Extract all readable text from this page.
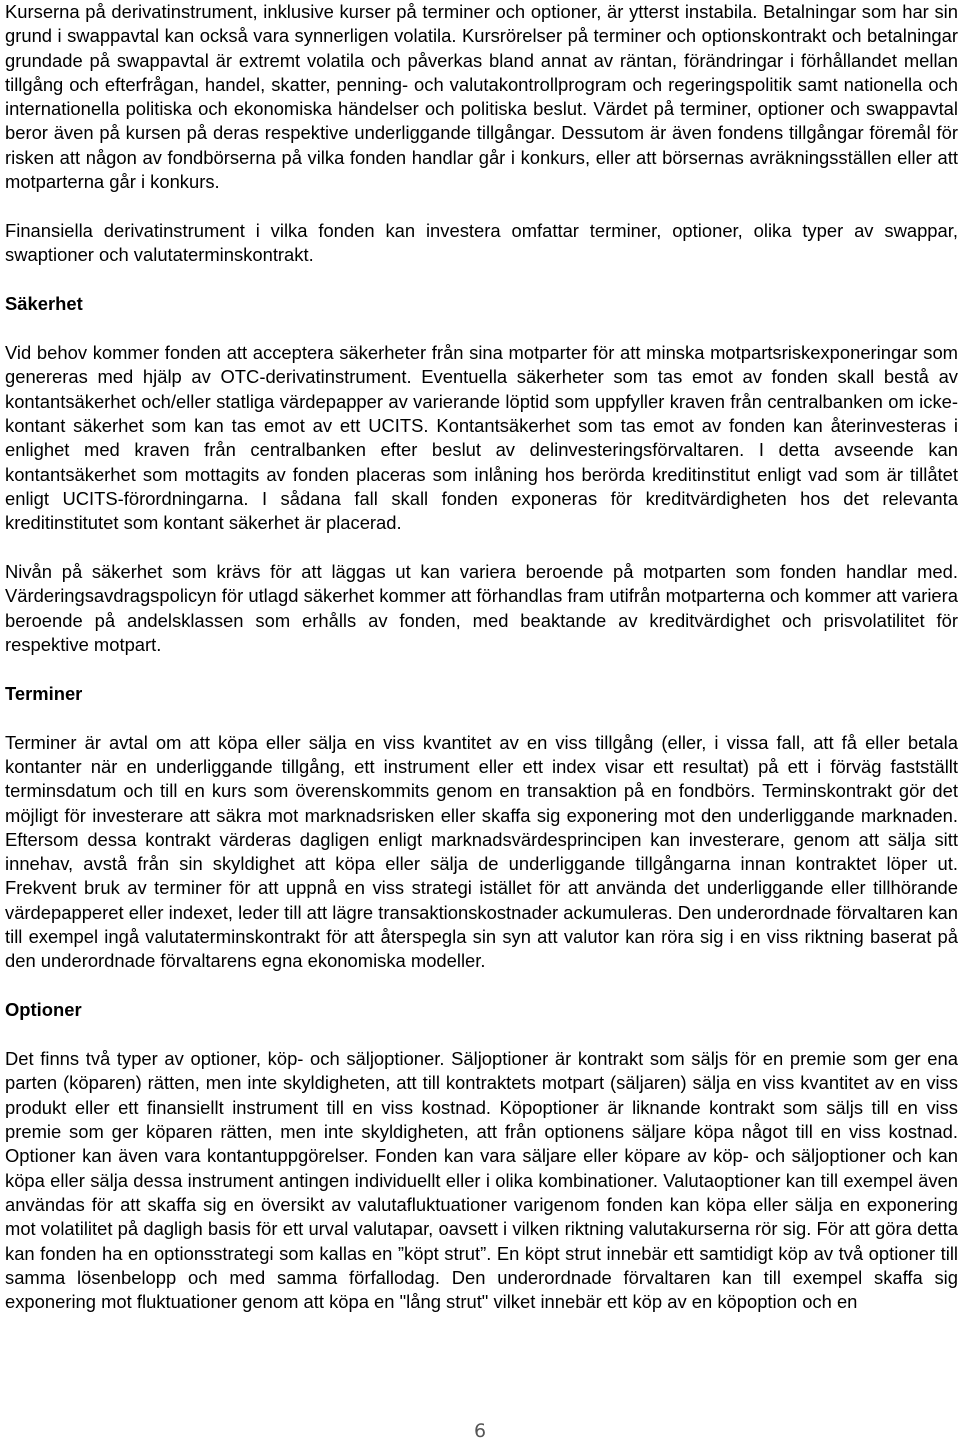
Kurserna på derivatinstrument, inklusive kurser på terminer och optioner, är ytterst instabila. Betalningar som har sin grund i swappavtal kan också vara synnerligen volatila. Kursrörelser på terminer och optionskontrakt och betalningar grundade på swappavtal är extremt volatila och påverkas bland annat av räntan, förändringar i förhållandet mellan tillgång och efterfrågan, handel, skatter, penning- och valutakontrollprogram och regeringspolitik samt nationella och internationella politiska och ekonomiska händelser och politiska beslut. Värdet på terminer, optioner och swappavtal beror även på kursen på deras respektive underliggande tillgångar. Dessutom är även fondens tillgångar föremål för risken att någon av fondbörserna på vilka fonden handlar går i konkurs, eller att börsernas avräkningsställen eller att motparterna går i konkurs.

Finansiella derivatinstrument i vilka fonden kan investera omfattar terminer, optioner, olika typer av swappar, swaptioner och valutaterminskontrakt.

Säkerhet

Vid behov kommer fonden att acceptera säkerheter från sina motparter för att minska motpartsriskexponeringar som genereras med hjälp av OTC-derivatinstrument. Eventuella säkerheter som tas emot av fonden skall bestå av kontantsäkerhet och/eller statliga värdepapper av varierande löptid som uppfyller kraven från centralbanken om icke-kontant säkerhet som kan tas emot av ett UCITS. Kontantsäkerhet som tas emot av fonden kan återinvesteras i enlighet med kraven från centralbanken efter beslut av delinvesteringsförvaltaren. I detta avseende kan kontantsäkerhet som mottagits av fonden placeras som inlåning hos berörda kreditinstitut enligt vad som är tillåtet enligt UCITS-förordningarna. I sådana fall skall fonden exponeras för kreditvärdigheten hos det relevanta kreditinstitutet som kontant säkerhet är placerad.

Nivån på säkerhet som krävs för att läggas ut kan variera beroende på motparten som fonden handlar med. Värderingsavdragspolicyn för utlagd säkerhet kommer att förhandlas fram utifrån motparterna och kommer att variera beroende på andelsklassen som erhålls av fonden, med beaktande av kreditvärdighet och prisvolatilitet för respektive motpart.

Terminer

Terminer är avtal om att köpa eller sälja en viss kvantitet av en viss tillgång (eller, i vissa fall, att få eller betala kontanter när en underliggande tillgång, ett instrument eller ett index visar ett resultat) på ett i förväg fastställt terminsdatum och till en kurs som överenskommits genom en transaktion på en fondbörs. Terminskontrakt gör det möjligt för investerare att säkra mot marknadsrisken eller skaffa sig exponering mot den underliggande marknaden. Eftersom dessa kontrakt värderas dagligen enligt marknadsvärdesprincipen kan investerare, genom att sälja sitt innehav, avstå från sin skyldighet att köpa eller sälja de underliggande tillgångarna innan kontraktet löper ut. Frekvent bruk av terminer för att uppnå en viss strategi istället för att använda det underliggande eller tillhörande värdepapperet eller indexet, leder till att lägre transaktionskostnader ackumuleras. Den underordnade förvaltaren kan till exempel ingå valutaterminskontrakt för att återspegla sin syn att valutor kan röra sig i en viss riktning baserat på den underordnade förvaltarens egna ekonomiska modeller.

Optioner

Det finns två typer av optioner, köp- och säljoptioner. Säljoptioner är kontrakt som säljs för en premie som ger ena parten (köparen) rätten, men inte skyldigheten, att till kontraktets motpart (säljaren) sälja en viss kvantitet av en viss produkt eller ett finansiellt instrument till en viss kostnad. Köpoptioner är liknande kontrakt som säljs till en viss premie som ger köparen rätten, men inte skyldigheten, att från optionens säljare köpa något till en viss kostnad. Optioner kan även vara kontantuppgörelser. Fonden kan vara säljare eller köpare av köp- och säljoptioner och kan köpa eller sälja dessa instrument antingen individuellt eller i olika kombinationer. Valutaoptioner kan till exempel även användas för att skaffa sig en översikt av valutafluktuationer varigenom fonden kan köpa eller sälja en exponering mot volatilitet på dagligh basis för ett urval valutapar, oavsett i vilken riktning valutakurserna rör sig. För att göra detta kan fonden ha en optionsstrategi som kallas en ”köpt strut”. En köpt strut innebär ett samtidigt köp av två optioner till samma lösenbelopp och med samma förfallodag. Den underordnade förvaltaren kan till exempel skaffa sig exponering mot fluktuationer genom att köpa en "lång strut" vilket innebär ett köp av en köpoption och en

6
